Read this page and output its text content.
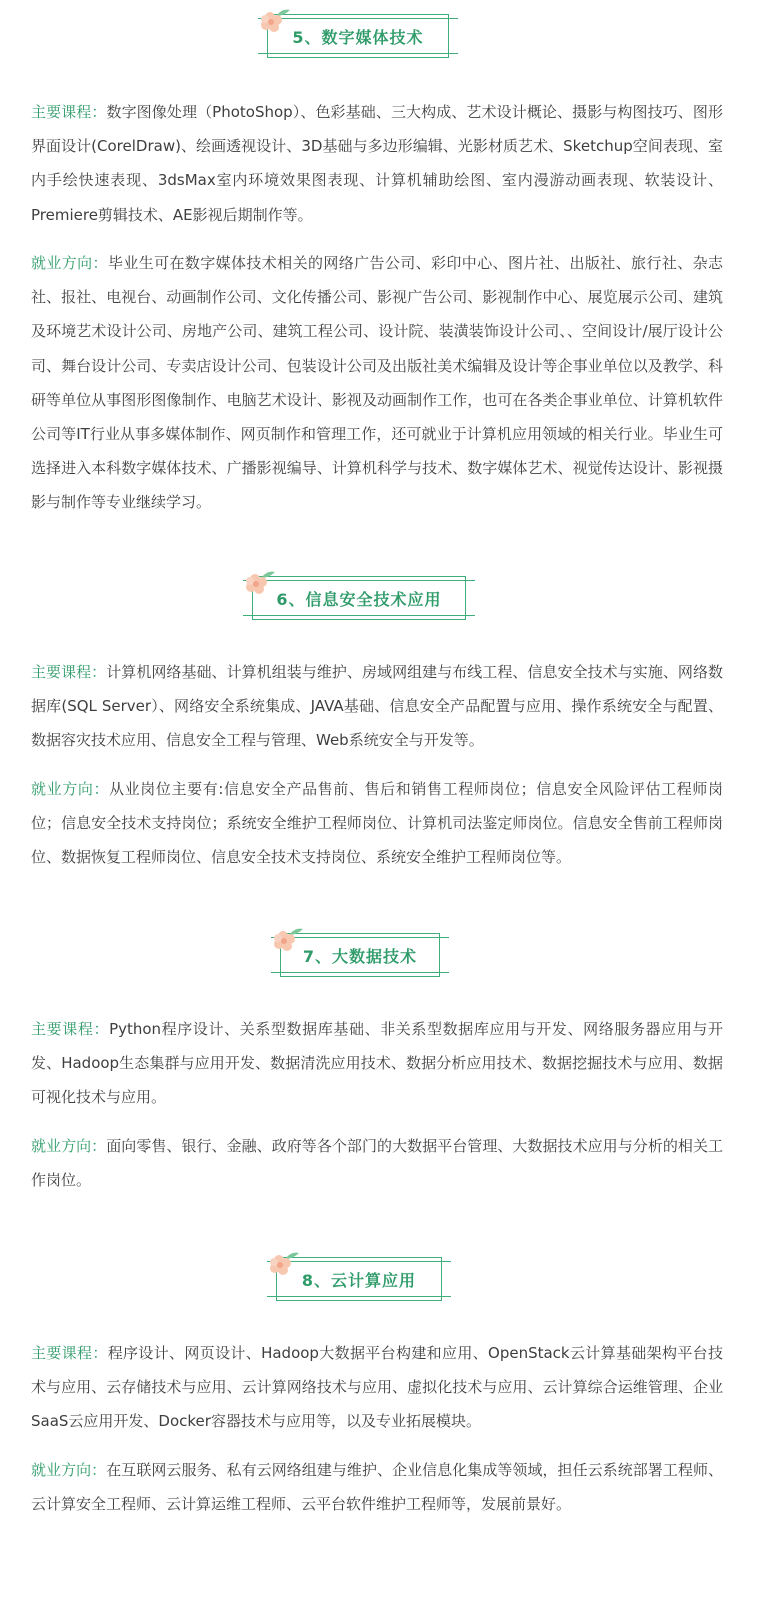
5、数字媒体技术

主要课程：数字图像处理（PhotoShop）、色彩基础、三大构成、艺术设计概论、摄影与构图技巧、图形界面设计(CorelDraw)、绘画透视设计、3D基础与多边形编辑、光影材质艺术、Sketchup空间表现、室内手绘快速表现、3dsMax室内环境效果图表现、计算机辅助绘图、室内漫游动画表现、软装设计、Premiere剪辑技术、AE影视后期制作等。

就业方向：毕业生可在数字媒体技术相关的网络广告公司、彩印中心、图片社、出版社、旅行社、杂志社、报社、电视台、动画制作公司、文化传播公司、影视广告公司、影视制作中心、展览展示公司、建筑及环境艺术设计公司、房地产公司、建筑工程公司、设计院、装潢装饰设计公司、、空间设计/展厅设计公司、舞台设计公司、专卖店设计公司、包装设计公司及出版社美术编辑及设计等企事业单位以及教学、科研等单位从事图形图像制作、电脑艺术设计、影视及动画制作工作，也可在各类企事业单位、计算机软件公司等IT行业从事多媒体制作、网页制作和管理工作，还可就业于计算机应用领域的相关行业。毕业生可选择进入本科数字媒体技术、广播影视编导、计算机科学与技术、数字媒体艺术、视觉传达设计、影视摄影与制作等专业继续学习。

6、信息安全技术应用

主要课程：计算机网络基础、计算机组装与维护、房域网组建与布线工程、信息安全技术与实施、网络数据库(SQL Server）、网络安全系统集成、JAVA基础、信息安全产品配置与应用、操作系统安全与配置、数据容灾技术应用、信息安全工程与管理、Web系统安全与开发等。

就业方向：从业岗位主要有:信息安全产品售前、售后和销售工程师岗位；信息安全风险评估工程师岗位；信息安全技术支持岗位；系统安全维护工程师岗位、计算机司法鉴定师岗位。信息安全售前工程师岗位、数据恢复工程师岗位、信息安全技术支持岗位、系统安全维护工程师岗位等。

7、大数据技术

主要课程：Python程序设计、关系型数据库基础、非关系型数据库应用与开发、网络服务器应用与开发、Hadoop生态集群与应用开发、数据清洗应用技术、数据分析应用技术、数据挖掘技术与应用、数据可视化技术与应用。

就业方向：面向零售、银行、金融、政府等各个部门的大数据平台管理、大数据技术应用与分析的相关工作岗位。

8、云计算应用

主要课程：程序设计、网页设计、Hadoop大数据平台构建和应用、OpenStack云计算基础架构平台技术与应用、云存储技术与应用、云计算网络技术与应用、虚拟化技术与应用、云计算综合运维管理、企业SaaS云应用开发、Docker容器技术与应用等，以及专业拓展模块。

就业方向：在互联网云服务、私有云网络组建与维护、企业信息化集成等领域，担任云系统部署工程师、云计算安全工程师、云计算运维工程师、云平台软件维护工程师等，发展前景好。
